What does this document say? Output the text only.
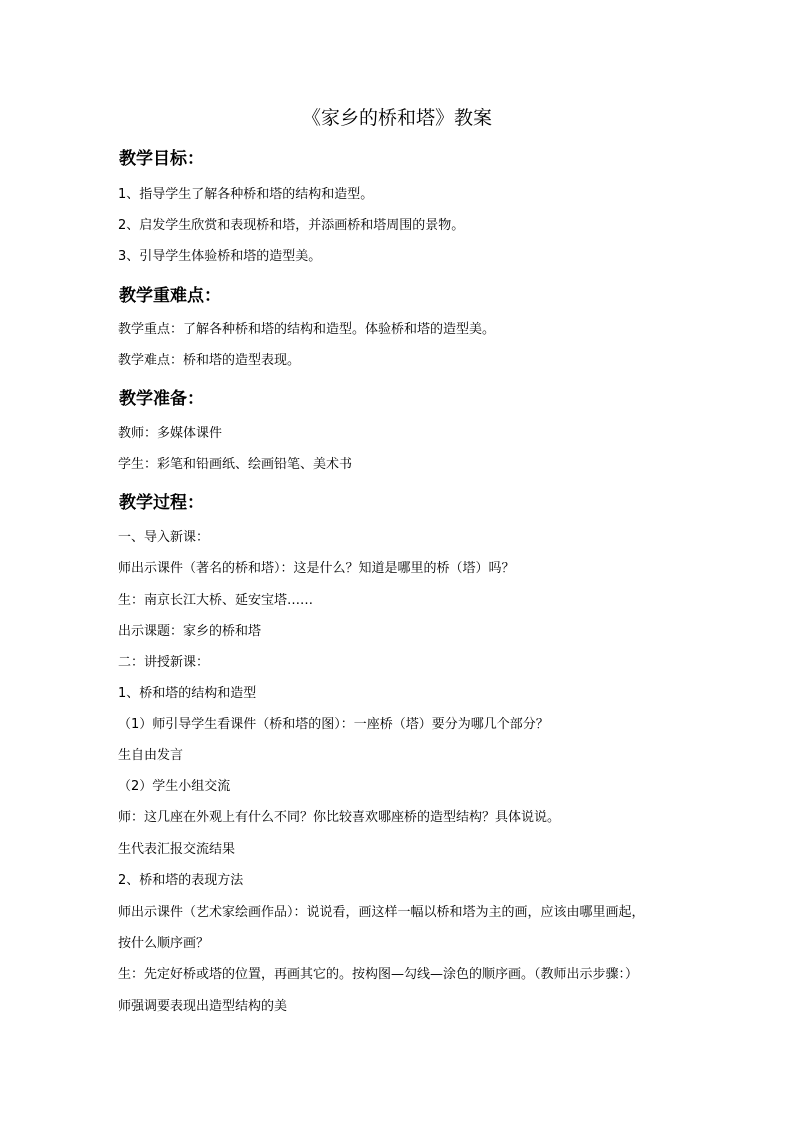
《家乡的桥和塔》教案
教学目标：

1、指导学生了解各种桥和塔的结构和造型。

2、启发学生欣赏和表现桥和塔，并添画桥和塔周围的景物。

3、引导学生体验桥和塔的造型美。

教学重难点：

教学重点：了解各种桥和塔的结构和造型。体验桥和塔的造型美。

教学难点：桥和塔的造型表现。

教学准备：

教师：多媒体课件

学生：彩笔和铅画纸、绘画铅笔、美术书

教学过程：

一、导入新课：

师出示课件（著名的桥和塔）：这是什么？知道是哪里的桥（塔）吗？

生：南京长江大桥、延安宝塔……

出示课题：家乡的桥和塔

二：讲授新课：

1、桥和塔的结构和造型

（1）师引导学生看课件（桥和塔的图）：一座桥（塔）要分为哪几个部分？

生自由发言

（2）学生小组交流

师：这几座在外观上有什么不同？你比较喜欢哪座桥的造型结构？具体说说。

生代表汇报交流结果

2、桥和塔的表现方法

师出示课件（艺术家绘画作品）：说说看，画这样一幅以桥和塔为主的画，应该由哪里画起，

按什么顺序画？

生：先定好桥或塔的位置，再画其它的。按构图—勾线—涂色的顺序画。（教师出示步骤：）

师强调要表现出造型结构的美
